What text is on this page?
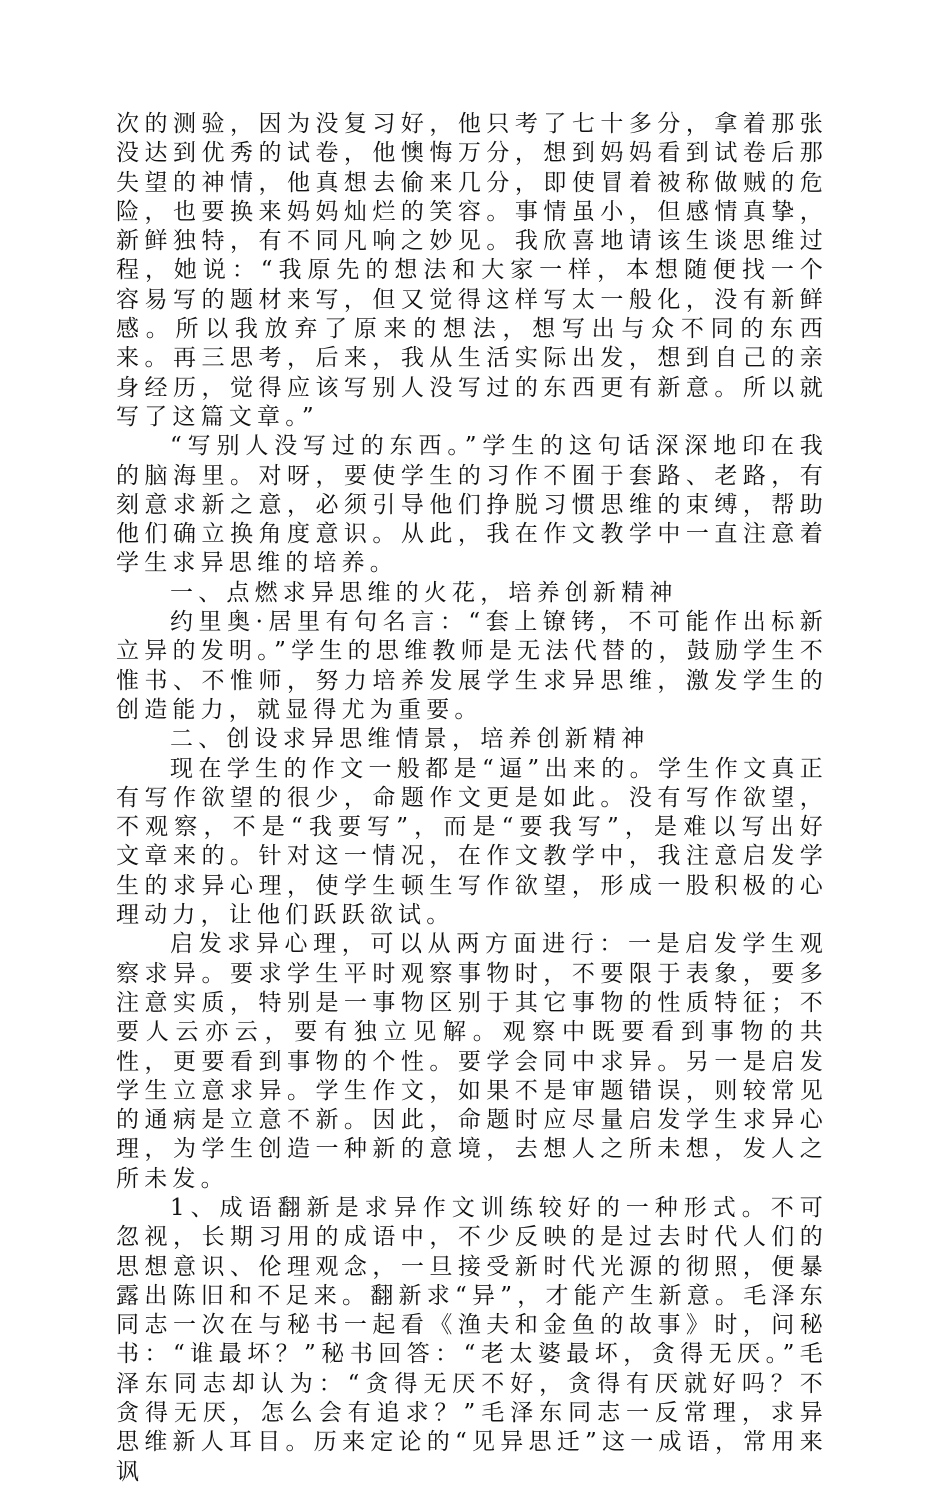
次的测验，因为没复习好，他只考了七十多分，拿着那张没达到优秀的试卷，他懊悔万分，想到妈妈看到试卷后那失望的神情，他真想去偷来几分，即使冒着被称做贼的危险，也要换来妈妈灿烂的笑容。事情虽小，但感情真挚，新鲜独特，有不同凡响之妙见。我欣喜地请该生谈思维过程，她说：“我原先的想法和大家一样，本想随便找一个容易写的题材来写，但又觉得这样写太一般化，没有新鲜感。所以我放弃了原来的想法，想写出与众不同的东西来。再三思考，后来，我从生活实际出发，想到自己的亲身经历，觉得应该写别人没写过的东西更有新意。所以就写了这篇文章。”

“写别人没写过的东西。”学生的这句话深深地印在我的脑海里。对呀，要使学生的习作不囿于套路、老路，有刻意求新之意，必须引导他们挣脱习惯思维的束缚，帮助他们确立换角度意识。从此，我在作文教学中一直注意着学生求异思维的培养。

一、点燃求异思维的火花，培养创新精神

约里奥·居里有句名言：“套上镣铐，不可能作出标新立异的发明。”学生的思维教师是无法代替的，鼓励学生不惟书、不惟师，努力培养发展学生求异思维，激发学生的创造能力，就显得尤为重要。

二、创设求异思维情景，培养创新精神

现在学生的作文一般都是“逼”出来的。学生作文真正有写作欲望的很少，命题作文更是如此。没有写作欲望，不观察，不是“我要写”，而是“要我写”，是难以写出好文章来的。针对这一情况，在作文教学中，我注意启发学生的求异心理，使学生顿生写作欲望，形成一股积极的心理动力，让他们跃跃欲试。

启发求异心理，可以从两方面进行：一是启发学生观察求异。要求学生平时观察事物时，不要限于表象，要多注意实质，特别是一事物区别于其它事物的性质特征；不要人云亦云，要有独立见解。观察中既要看到事物的共性，更要看到事物的个性。要学会同中求异。另一是启发学生立意求异。学生作文，如果不是审题错误，则较常见的通病是立意不新。因此，命题时应尽量启发学生求异心理，为学生创造一种新的意境，去想人之所未想，发人之所未发。

1、成语翻新是求异作文训练较好的一种形式。不可忽视，长期习用的成语中，不少反映的是过去时代人们的思想意识、伦理观念，一旦接受新时代光源的彻照，便暴露出陈旧和不足来。翻新求“异”，才能产生新意。毛泽东同志一次在与秘书一起看《渔夫和金鱼的故事》时，问秘书：“谁最坏？”秘书回答：“老太婆最坏，贪得无厌。”毛泽东同志却认为：“贪得无厌不好，贪得有厌就好吗？不贪得无厌，怎么会有追求？”毛泽东同志一反常理，求异思维新人耳目。历来定论的“见异思迁”这一成语，常用来讽
